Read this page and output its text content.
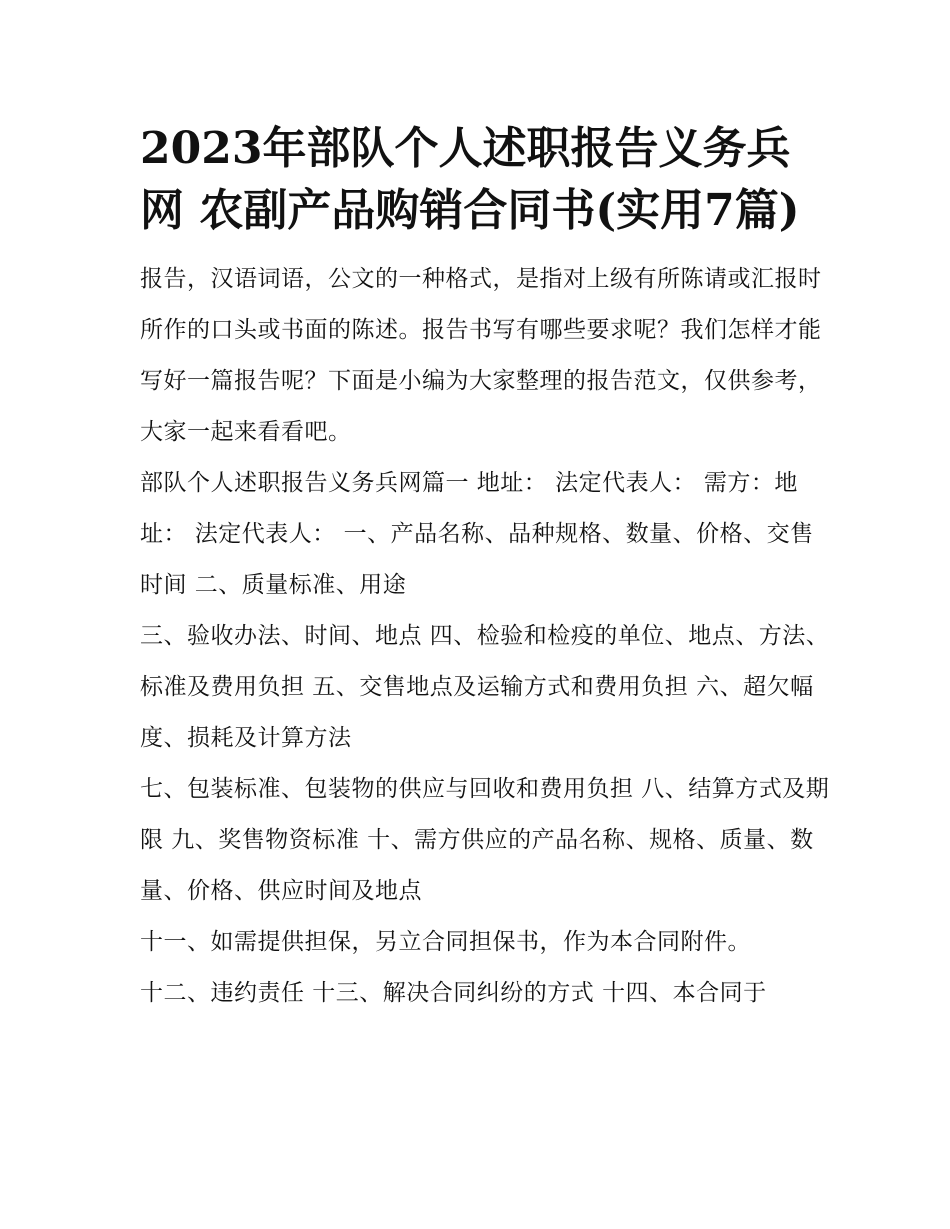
2023年部队个人述职报告义务兵网 农副产品购销合同书(实用7篇)

报告，汉语词语，公文的一种格式，是指对上级有所陈请或汇报时所作的口头或书面的陈述。报告书写有哪些要求呢？我们怎样才能写好一篇报告呢？下面是小编为大家整理的报告范文，仅供参考，大家一起来看看吧。

部队个人述职报告义务兵网篇一 地址： 法定代表人： 需方：地址： 法定代表人： 一、产品名称、品种规格、数量、价格、交售时间 二、质量标准、用途

三、验收办法、时间、地点 四、检验和检疫的单位、地点、方法、标准及费用负担 五、交售地点及运输方式和费用负担 六、超欠幅度、损耗及计算方法

七、包装标准、包装物的供应与回收和费用负担 八、结算方式及期限 九、奖售物资标准 十、需方供应的产品名称、规格、质量、数量、价格、供应时间及地点

十一、如需提供担保，另立合同担保书，作为本合同附件。

十二、违约责任 十三、解决合同纠纷的方式 十四、本合同于
